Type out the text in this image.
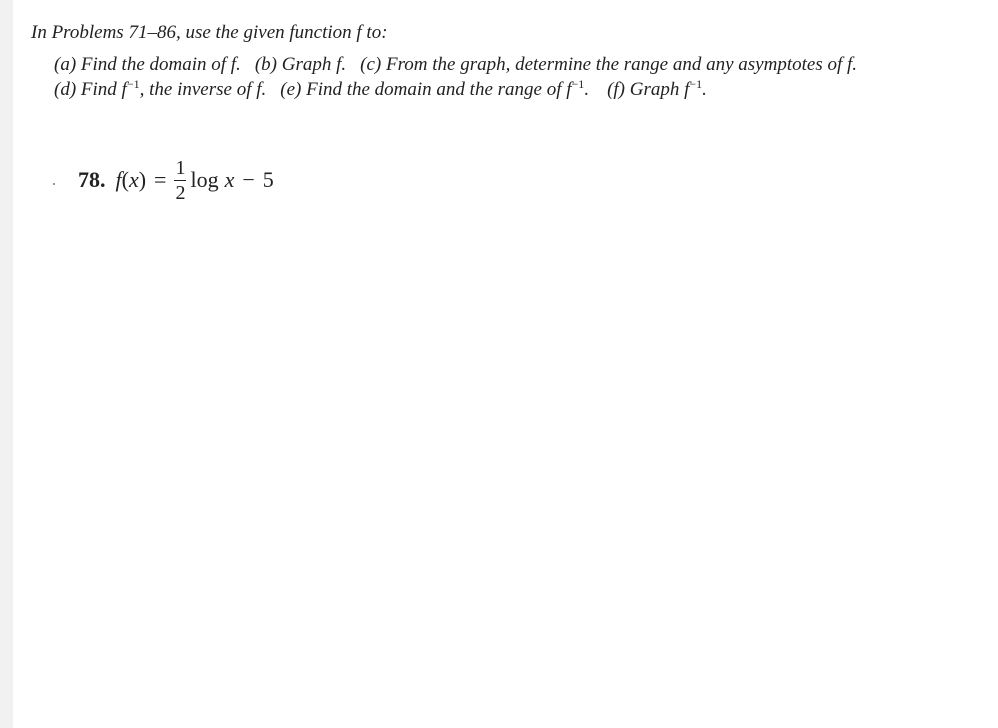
In Problems 71–86, use the given function f to:
(a) Find the domain of f. (b) Graph f. (c) From the graph, determine the range and any asymptotes of f.
(d) Find $f^{-1}$, the inverse of f. (e) Find the domain and the range of $f^{-1}$. (f) Graph $f^{-1}$.
78. f ( x ) = $\frac{1}{2}$ log x − 5
